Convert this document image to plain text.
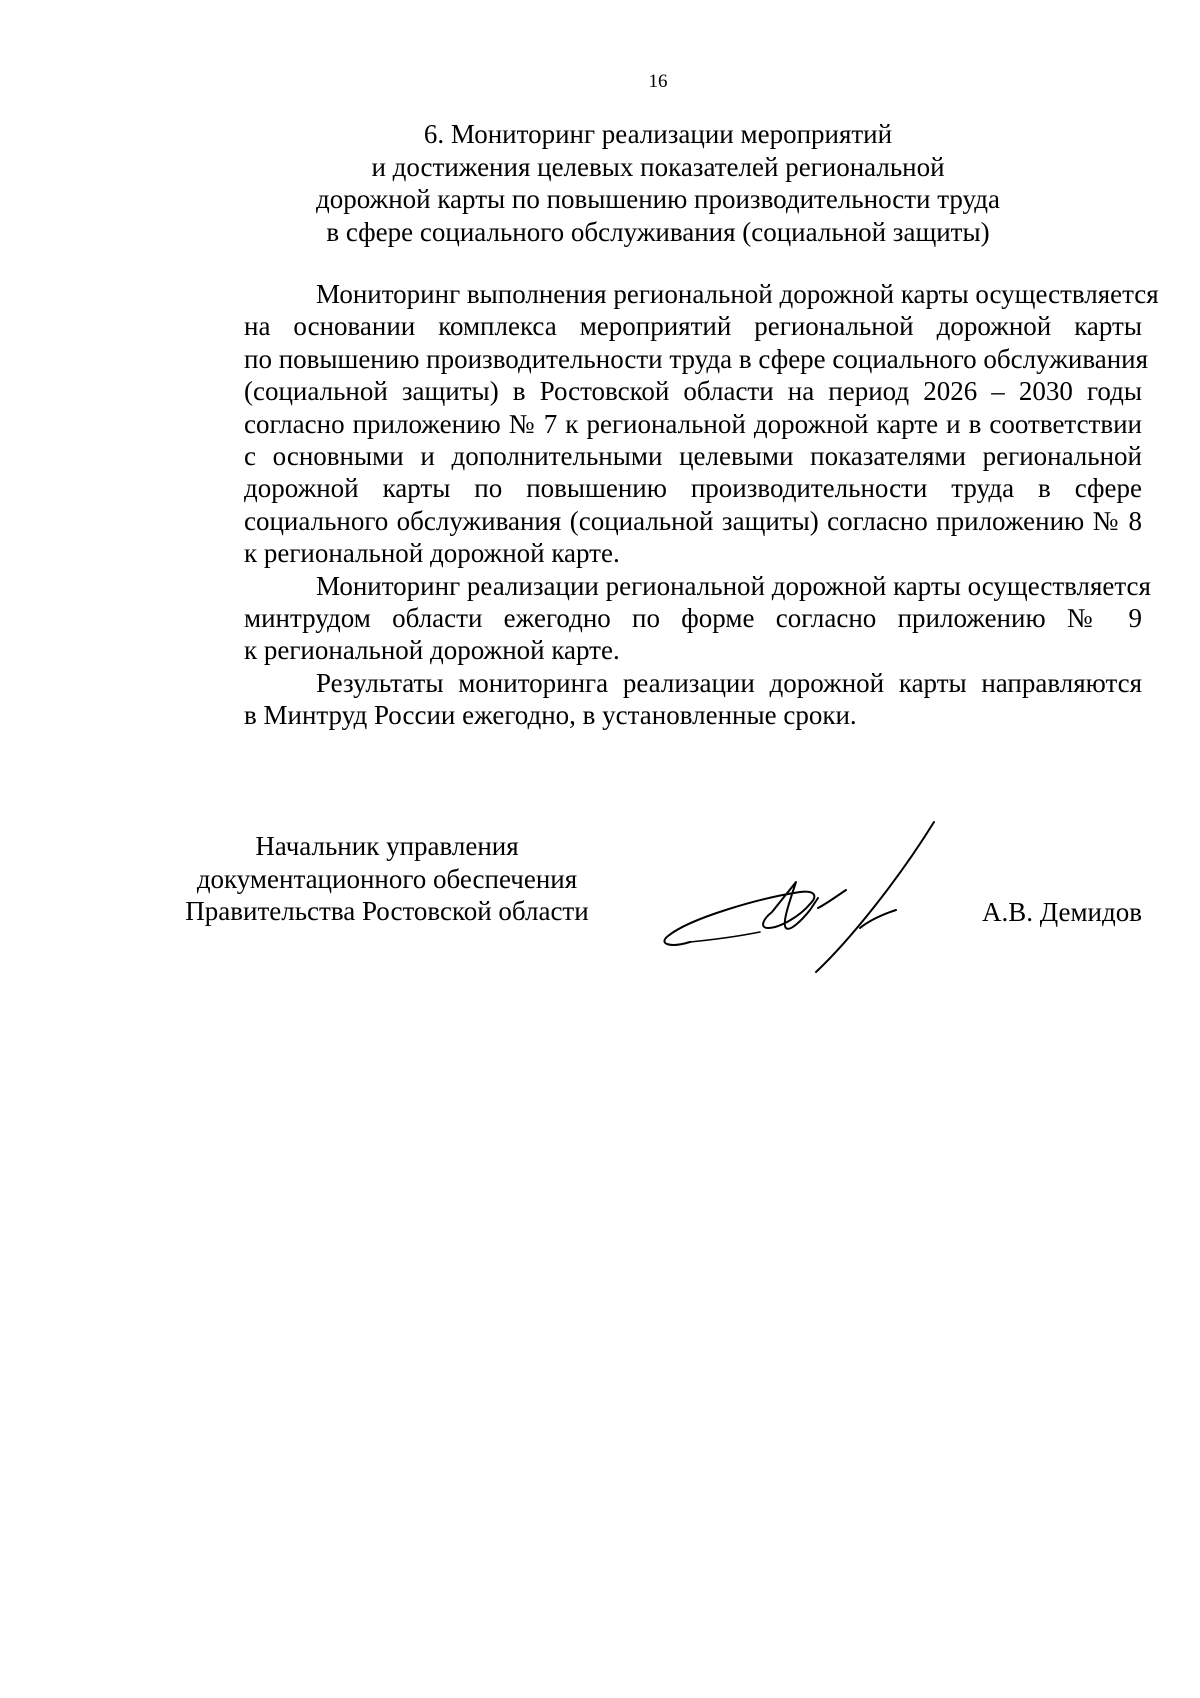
16
6. Мониторинг реализации мероприятий
и достижения целевых показателей региональной
дорожной карты по повышению производительности труда
в сфере социального обслуживания (социальной защиты)
Мониторинг выполнения региональной дорожной карты осуществляется
на основании комплекса мероприятий региональной дорожной карты
по повышению производительности труда в сфере социального обслуживания
(социальной защиты) в Ростовской области на период 2026 – 2030 годы
согласно приложению № 7 к региональной дорожной карте и в соответствии
с основными и дополнительными целевыми показателями региональной
дорожной карты по повышению производительности труда в сфере
социального обслуживания (социальной защиты) согласно приложению № 8
к региональной дорожной карте.
Мониторинг реализации региональной дорожной карты осуществляется
минтрудом области ежегодно по форме согласно приложению № 9
к региональной дорожной карте.
Результаты мониторинга реализации дорожной карты направляются
в Минтруд России ежегодно, в установленные сроки.
Начальник управления
документационного обеспечения
Правительства Ростовской области	А.В. Демидов
